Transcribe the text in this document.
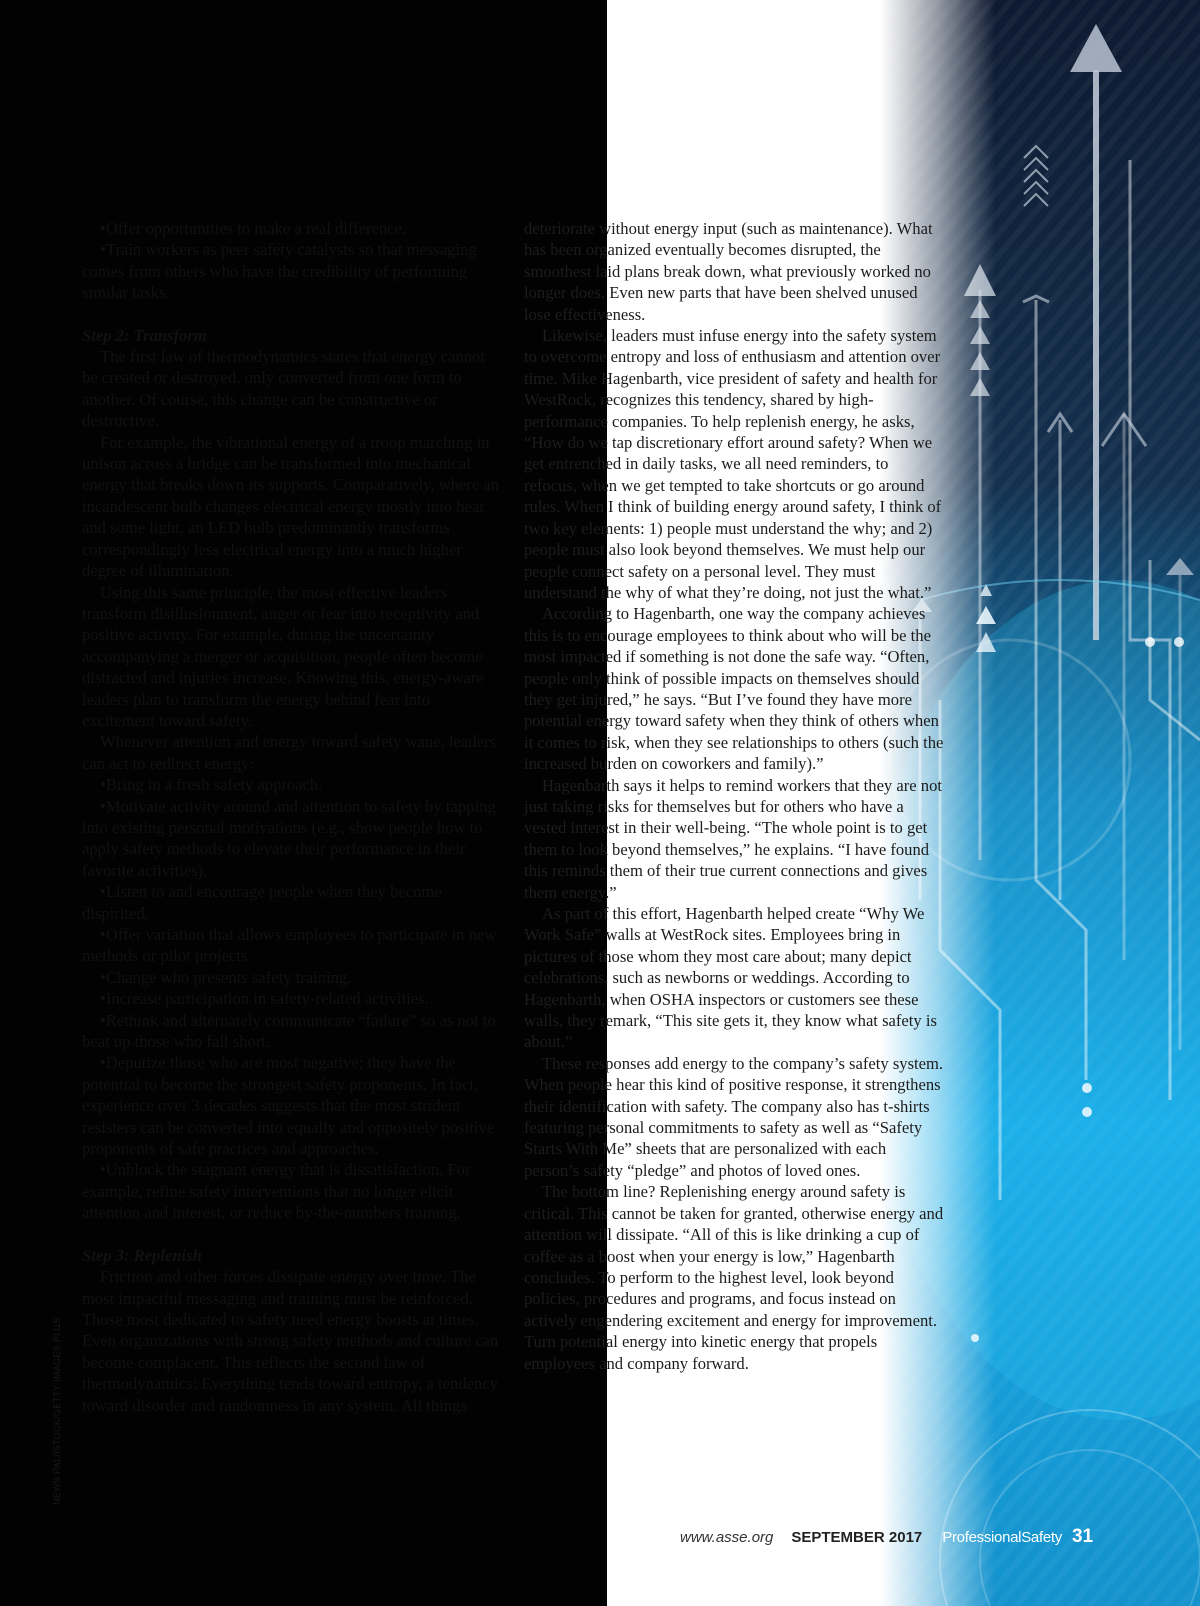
•Offer opportunities to make a real difference.

•Train workers as peer safety catalysts so that messaging comes from others who have the credibility of performing similar tasks.

Step 2: Transform

The first law of thermodynamics states that energy cannot be created or destroyed, only converted from one form to another. Of course, this change can be constructive or destructive.

For example, the vibrational energy of a troop marching in unison across a bridge can be transformed into mechanical energy that breaks down its supports. Comparatively, where an incandescent bulb changes electrical energy mostly into heat and some light, an LED bulb predominantly transforms correspondingly less electrical energy into a much higher degree of illumination.

Using this same principle, the most effective leaders transform disillusionment, anger or fear into receptivity and positive activity. For example, during the uncertainty accompanying a merger or acquisition, people often become distracted and injuries increase. Knowing this, energy-aware leaders plan to transform the energy behind fear into excitement toward safety.

Whenever attention and energy toward safety wane, leaders can act to redirect energy:

•Bring in a fresh safety approach.

•Motivate activity around and attention to safety by tapping into existing personal motivations (e.g., show people how to apply safety methods to elevate their performance in their favorite activities).

•Listen to and encourage people when they become dispirited.

•Offer variation that allows employees to participate in new methods or pilot projects.

•Change who presents safety training.

•Increase participation in safety-related activities.

•Rethink and alternately communicate “failure” so as not to beat up those who fall short.

•Deputize those who are most negative; they have the potential to become the strongest safety proponents. In fact, experience over 3 decades suggests that the most strident resisters can be converted into equally and oppositely positive proponents of safe practices and approaches.

•Unblock the stagnant energy that is dissatisfaction. For example, refine safety interventions that no longer elicit attention and interest, or reduce by-the-numbers training.

Step 3: Replenish

Friction and other forces dissipate energy over time. The most impactful messaging and training must be reinforced. Those most dedicated to safety need energy boosts at times. Even organizations with strong safety methods and culture can become complacent. This reflects the second law of thermodynamics: Everything tends toward entropy, a tendency toward disorder and randomness in any system. All things

deteriorate without energy input (such as maintenance). What has been organized eventually becomes disrupted, the smoothest laid plans break down, what previously worked no longer does. Even new parts that have been shelved unused lose effectiveness.

Likewise, leaders must infuse energy into the safety system to overcome entropy and loss of enthusiasm and attention over time. Mike Hagenbarth, vice president of safety and health for WestRock, recognizes this tendency, shared by high-performance companies. To help replenish energy, he asks, “How do we tap discretionary effort around safety? When we get entrenched in daily tasks, we all need reminders, to refocus, when we get tempted to take shortcuts or go around rules. When I think of building energy around safety, I think of two key elements: 1) people must understand the why; and 2) people must also look beyond themselves. We must help our people connect safety on a personal level. They must understand the why of what they’re doing, not just the what.”

According to Hagenbarth, one way the company achieves this is to encourage employees to think about who will be the most impacted if something is not done the safe way. “Often, people only think of possible impacts on themselves should they get injured,” he says. “But I’ve found they have more potential energy toward safety when they think of others when it comes to risk, when they see relationships to others (such the increased burden on coworkers and family).”

Hagenbarth says it helps to remind workers that they are not just taking risks for themselves but for others who have a vested interest in their well-being. “The whole point is to get them to look beyond themselves,” he explains. “I have found this reminds them of their true current connections and gives them energy.”

As part of this effort, Hagenbarth helped create “Why We Work Safe” walls at WestRock sites. Employees bring in pictures of those whom they most care about; many depict celebrations, such as newborns or weddings. According to Hagenbarth, when OSHA inspectors or customers see these walls, they remark, “This site gets it, they know what safety is about.”

These responses add energy to the company’s safety system. When people hear this kind of positive response, it strengthens their identification with safety. The company also has t-shirts featuring personal commitments to safety as well as “Safety Starts With Me” sheets that are personalized with each person’s safety “pledge” and photos of loved ones.

The bottom line? Replenishing energy around safety is critical. This cannot be taken for granted, otherwise energy and attention will dissipate. “All of this is like drinking a cup of coffee as a boost when your energy is low,” Hagenbarth concludes. To perform to the highest level, look beyond policies, procedures and programs, and focus instead on actively engendering excitement and energy for improvement. Turn potential energy into kinetic energy that propels employees and company forward.

NEWS PAL/ISTOCK/GETTY IMAGES PLUS
www.asse.org SEPTEMBER 2017 ProfessionalSafety 31
